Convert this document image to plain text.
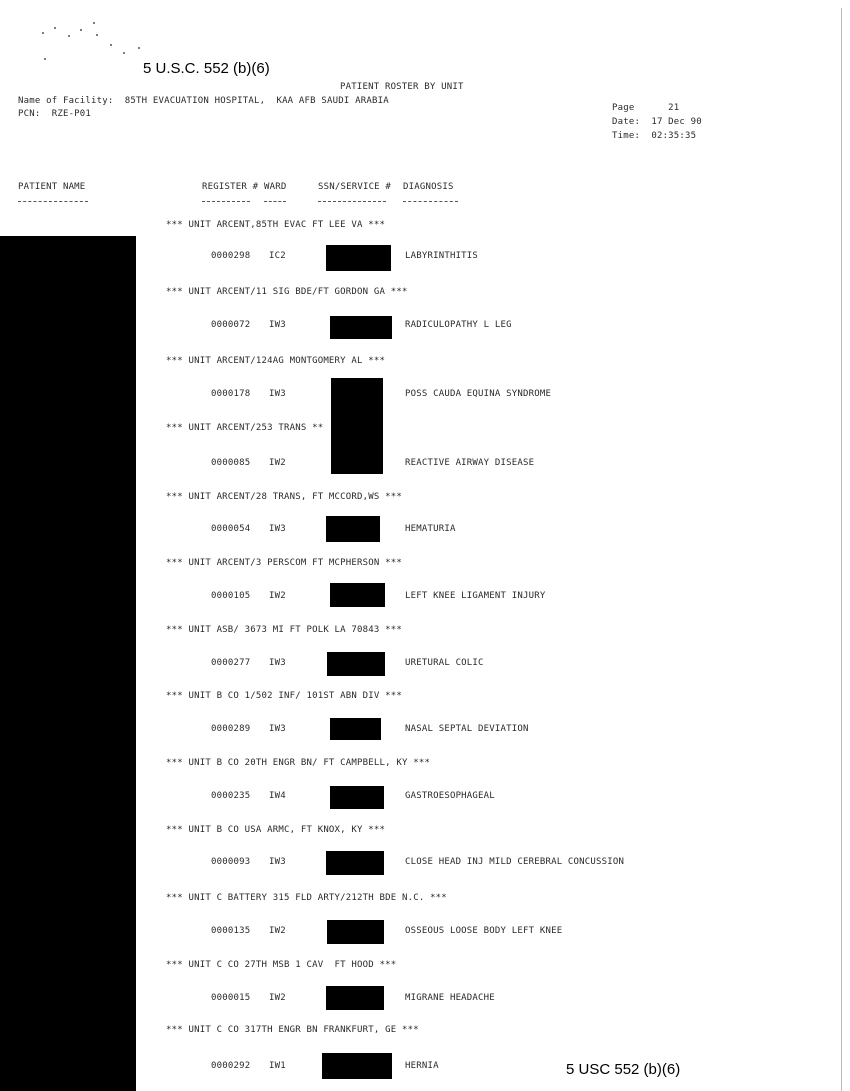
5 U.S.C. 552 (b)(6)
PATIENT ROSTER BY UNIT
Name of Facility:  85TH EVACUATION HOSPITAL,  KAA AFB SAUDI ARABIA
PCN:  RZE-P01
Page      21
Date:  17 Dec 90
Time:  02:35:35
PATIENT NAME	REGISTER # WARD	SSN/SERVICE # DIAGNOSIS
*** UNIT ARCENT,85TH EVAC FT LEE VA ***
0000298 IC2	LABYRINTHITIS
*** UNIT ARCENT/11 SIG BDE/FT GORDON GA ***
0000072 IW3	RADICULOPATHY L LEG
*** UNIT ARCENT/124AG MONTGOMERY AL ***
0000178 IW3	POSS CAUDA EQUINA SYNDROME
*** UNIT ARCENT/253 TRANS **
0000085 IW2	REACTIVE AIRWAY DISEASE
*** UNIT ARCENT/28 TRANS, FT MCCORD,WS ***
0000054 IW3	HEMATURIA
*** UNIT ARCENT/3 PERSCOM FT MCPHERSON ***
0000105 IW2	LEFT KNEE LIGAMENT INJURY
*** UNIT ASB/ 3673 MI FT POLK LA 70843 ***
0000277 IW3	URETURAL COLIC
*** UNIT B CO 1/502 INF/ 101ST ABN DIV ***
0000289 IW3	NASAL SEPTAL DEVIATION
*** UNIT B CO 20TH ENGR BN/ FT CAMPBELL, KY ***
0000235 IW4	GASTROESOPHAGEAL
*** UNIT B CO USA ARMC, FT KNOX, KY ***
0000093 IW3	CLOSE HEAD INJ MILD CEREBRAL CONCUSSION
*** UNIT C BATTERY 315 FLD ARTY/212TH BDE N.C. ***
0000135 IW2	OSSEOUS LOOSE BODY LEFT KNEE
*** UNIT C CO 27TH MSB 1 CAV  FT HOOD ***
0000015 IW2	MIGRANE HEADACHE
*** UNIT C CO 317TH ENGR BN FRANKFURT, GE ***
0000292 IW1	HERNIA	5 USC 552 (b)(6)
